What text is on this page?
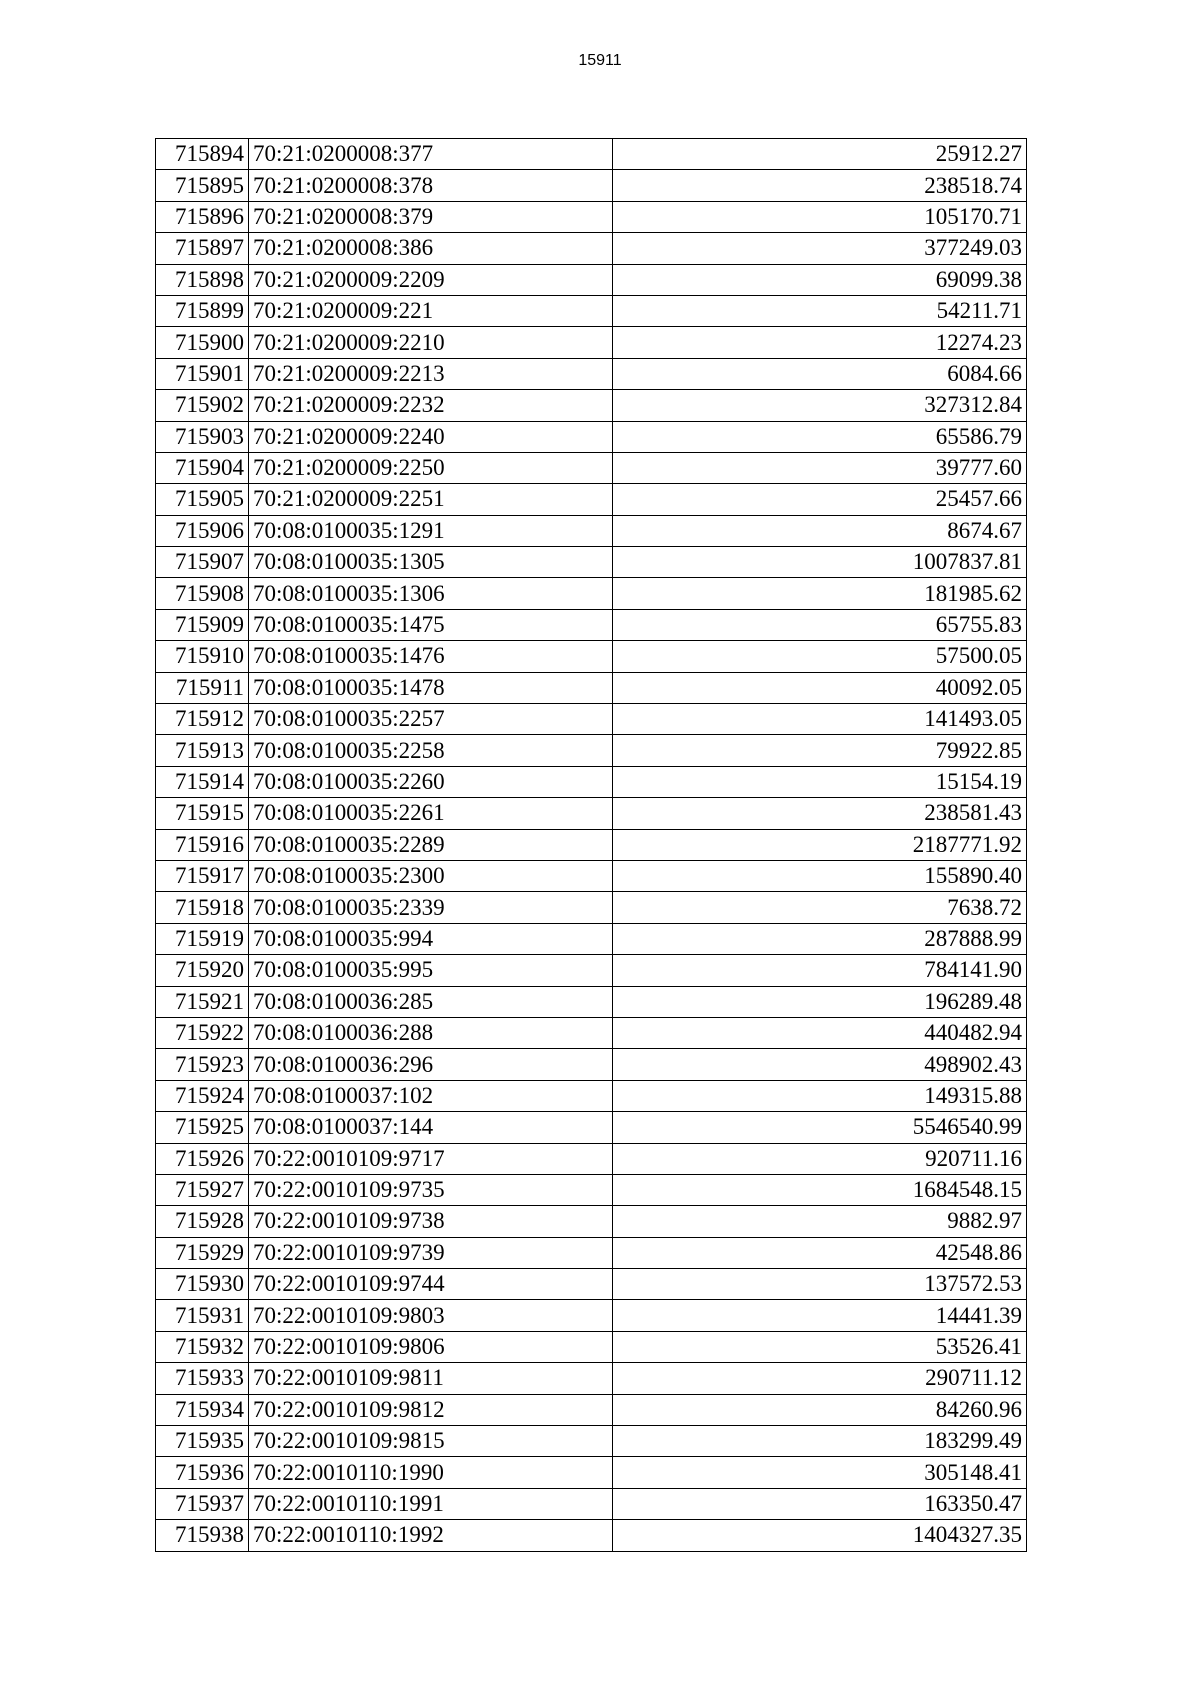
15911
715894	70:21:0200008:377	25912.27
715895	70:21:0200008:378	238518.74
715896	70:21:0200008:379	105170.71
715897	70:21:0200008:386	377249.03
715898	70:21:0200009:2209	69099.38
715899	70:21:0200009:221	54211.71
715900	70:21:0200009:2210	12274.23
715901	70:21:0200009:2213	6084.66
715902	70:21:0200009:2232	327312.84
715903	70:21:0200009:2240	65586.79
715904	70:21:0200009:2250	39777.60
715905	70:21:0200009:2251	25457.66
715906	70:08:0100035:1291	8674.67
715907	70:08:0100035:1305	1007837.81
715908	70:08:0100035:1306	181985.62
715909	70:08:0100035:1475	65755.83
715910	70:08:0100035:1476	57500.05
715911	70:08:0100035:1478	40092.05
715912	70:08:0100035:2257	141493.05
715913	70:08:0100035:2258	79922.85
715914	70:08:0100035:2260	15154.19
715915	70:08:0100035:2261	238581.43
715916	70:08:0100035:2289	2187771.92
715917	70:08:0100035:2300	155890.40
715918	70:08:0100035:2339	7638.72
715919	70:08:0100035:994	287888.99
715920	70:08:0100035:995	784141.90
715921	70:08:0100036:285	196289.48
715922	70:08:0100036:288	440482.94
715923	70:08:0100036:296	498902.43
715924	70:08:0100037:102	149315.88
715925	70:08:0100037:144	5546540.99
715926	70:22:0010109:9717	920711.16
715927	70:22:0010109:9735	1684548.15
715928	70:22:0010109:9738	9882.97
715929	70:22:0010109:9739	42548.86
715930	70:22:0010109:9744	137572.53
715931	70:22:0010109:9803	14441.39
715932	70:22:0010109:9806	53526.41
715933	70:22:0010109:9811	290711.12
715934	70:22:0010109:9812	84260.96
715935	70:22:0010109:9815	183299.49
715936	70:22:0010110:1990	305148.41
715937	70:22:0010110:1991	163350.47
715938	70:22:0010110:1992	1404327.35
